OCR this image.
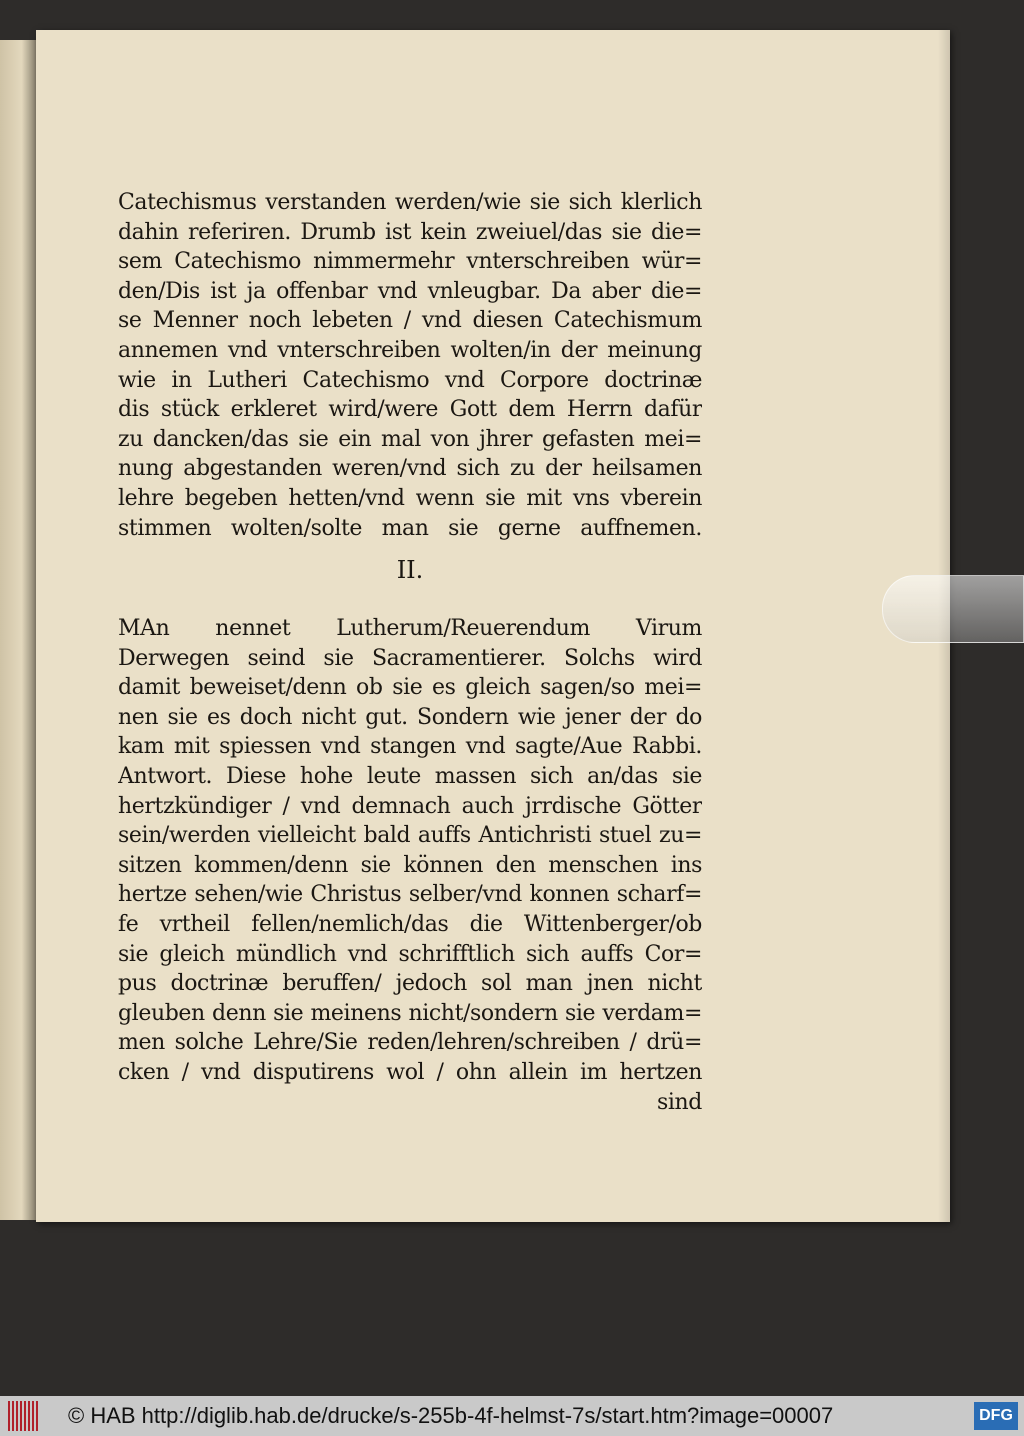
Catechismus verstanden werden/wie sie sich klerlich
dahin referiren. Drumb ist kein zweiuel/das sie die=
sem Catechismo nimmermehr vnterschreiben wür=
den/Dis ist ja offenbar vnd vnleugbar. Da aber die=
se Menner noch lebeten / vnd diesen Catechismum
annemen vnd vnterschreiben wolten/in der meinung
wie in Lutheri Catechismo vnd Corpore doctrinæ
dis stück erkleret wird/were Gott dem Herrn dafür
zu dancken/das sie ein mal von jhrer gefasten mei=
nung abgestanden weren/vnd sich zu der heilsamen
lehre begeben hetten/vnd wenn sie mit vns vberein
stimmen wolten/solte man sie gerne auffnemen.
II.
MAn nennet Lutherum/Reuerendum Virum
Derwegen seind sie Sacramentierer. Solchs wird
damit beweiset/denn ob sie es gleich sagen/so mei=
nen sie es doch nicht gut. Sondern wie jener der do
kam mit spiessen vnd stangen vnd sagte/Aue Rabbi.
Antwort. Diese hohe leute massen sich an/das sie
hertzkündiger / vnd demnach auch jrrdische Götter
sein/werden vielleicht bald auffs Antichristi stuel zu=
sitzen kommen/denn sie können den menschen ins
hertze sehen/wie Christus selber/vnd konnen scharf=
fe vrtheil fellen/nemlich/das die Wittenberger/ob
sie gleich mündlich vnd schrifftlich sich auffs Cor=
pus doctrinæ beruffen/ jedoch sol man jnen nicht
gleuben denn sie meinens nicht/sondern sie verdam=
men solche Lehre/Sie reden/lehren/schreiben / drü=
cken / vnd disputirens wol / ohn allein im hertzen
sind
© HAB http://diglib.hab.de/drucke/s-255b-4f-helmst-7s/start.htm?image=00007	DFG
